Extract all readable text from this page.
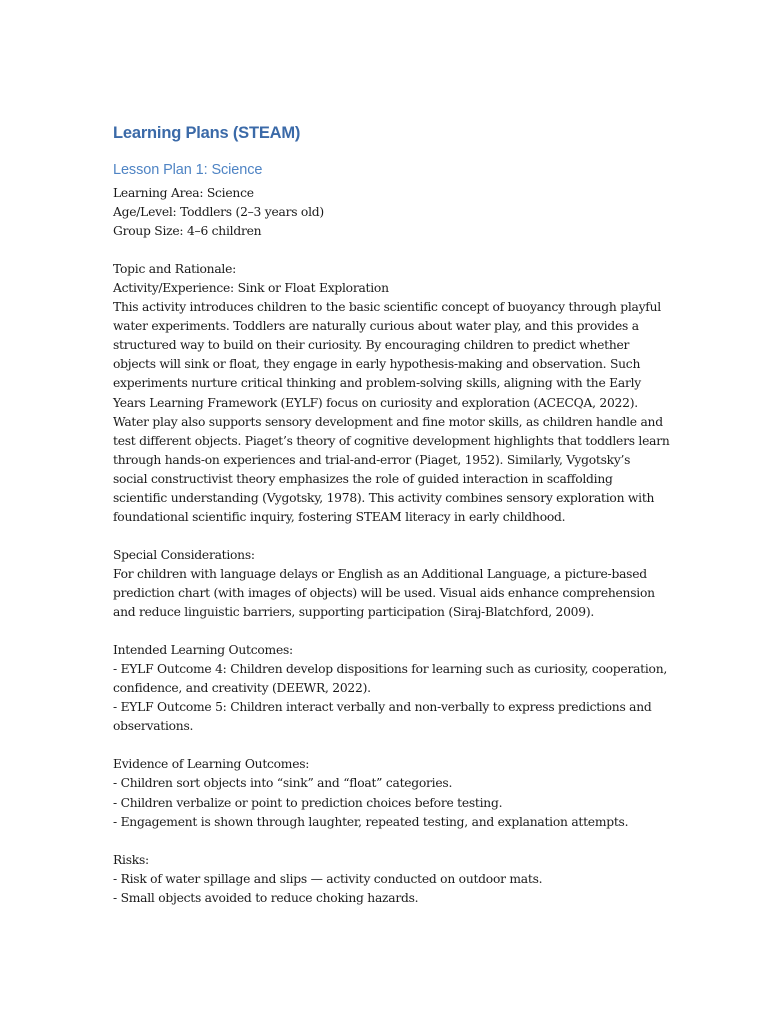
Learning Plans (STEAM)
Lesson Plan 1: Science
Learning Area: Science
Age/Level: Toddlers (2–3 years old)
Group Size: 4–6 children
Topic and Rationale:
Activity/Experience: Sink or Float Exploration
This activity introduces children to the basic scientific concept of buoyancy through playful
water experiments. Toddlers are naturally curious about water play, and this provides a
structured way to build on their curiosity. By encouraging children to predict whether
objects will sink or float, they engage in early hypothesis-making and observation. Such
experiments nurture critical thinking and problem-solving skills, aligning with the Early
Years Learning Framework (EYLF) focus on curiosity and exploration (ACECQA, 2022).
Water play also supports sensory development and fine motor skills, as children handle and
test different objects. Piaget’s theory of cognitive development highlights that toddlers learn
through hands-on experiences and trial-and-error (Piaget, 1952). Similarly, Vygotsky’s
social constructivist theory emphasizes the role of guided interaction in scaffolding
scientific understanding (Vygotsky, 1978). This activity combines sensory exploration with
foundational scientific inquiry, fostering STEAM literacy in early childhood.
Special Considerations:
For children with language delays or English as an Additional Language, a picture-based
prediction chart (with images of objects) will be used. Visual aids enhance comprehension
and reduce linguistic barriers, supporting participation (Siraj-Blatchford, 2009).
Intended Learning Outcomes:
- EYLF Outcome 4: Children develop dispositions for learning such as curiosity, cooperation,
confidence, and creativity (DEEWR, 2022).
- EYLF Outcome 5: Children interact verbally and non-verbally to express predictions and
observations.
Evidence of Learning Outcomes:
- Children sort objects into “sink” and “float” categories.
- Children verbalize or point to prediction choices before testing.
- Engagement is shown through laughter, repeated testing, and explanation attempts.
Risks:
- Risk of water spillage and slips — activity conducted on outdoor mats.
- Small objects avoided to reduce choking hazards.
